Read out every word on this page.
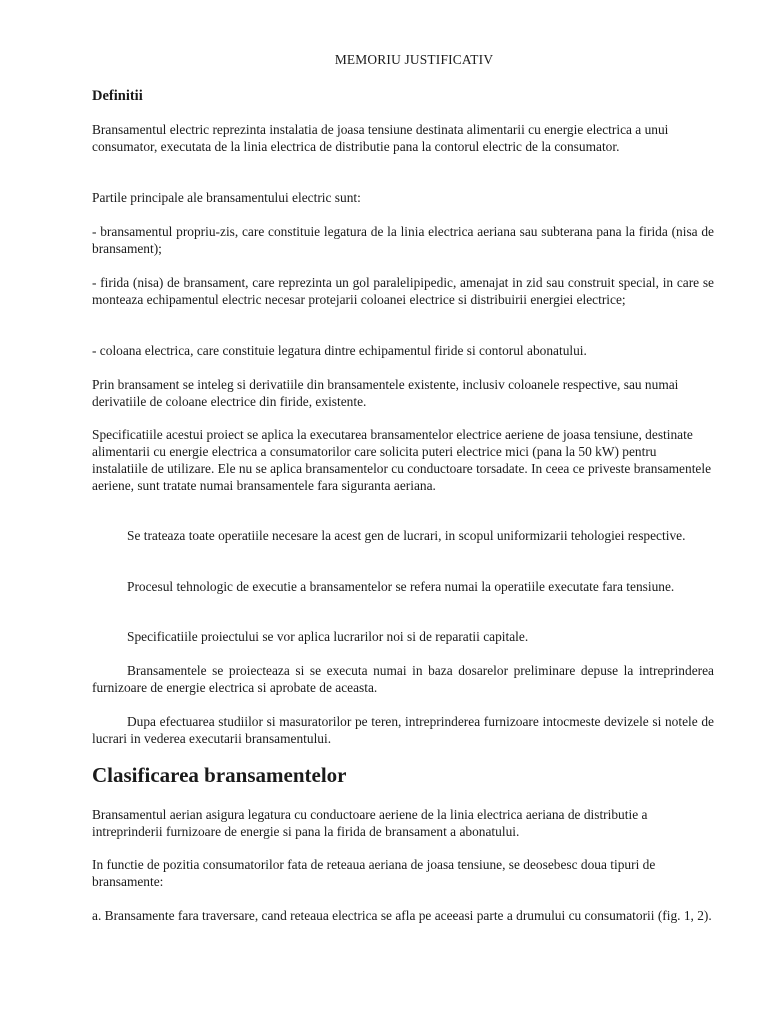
MEMORIU JUSTIFICATIV
Definitii

Bransamentul electric reprezinta instalatia de joasa tensiune destinata alimentarii cu energie electrica a unui consumator, executata de la linia electrica de distributie pana la contorul electric de la consumator.

Partile principale ale bransamentului electric sunt:

- bransamentul propriu-zis, care constituie legatura de la linia electrica aeriana sau subterana pana la firida (nisa de bransament);

- firida (nisa) de bransament, care reprezinta un gol paralelipipedic, amenajat in zid sau construit special, in care se monteaza echipamentul electric necesar protejarii coloanei electrice si distribuirii energiei electrice;

- coloana electrica, care constituie legatura dintre echipamentul firide si contorul abonatului.

Prin bransament se inteleg si derivatiile din bransamentele existente, inclusiv coloanele respective, sau numai derivatiile de coloane electrice din firide, existente.

Specificatiile acestui proiect se aplica la executarea bransamentelor electrice aeriene de joasa tensiune, destinate alimentarii cu energie electrica a consumatorilor care solicita puteri electrice mici (pana la 50 kW) pentru instalatiile de utilizare. Ele nu se aplica bransamentelor cu conductoare torsadate. In ceea ce priveste bransamentele aeriene, sunt tratate numai bransamentele fara siguranta aeriana.

Se trateaza toate operatiile necesare la acest gen de lucrari, in scopul uniformizarii tehologiei respective.

Procesul tehnologic de executie a bransamentelor se refera numai la operatiile executate fara tensiune.

Specificatiile proiectului se vor aplica lucrarilor noi si de reparatii capitale.

Bransamentele se proiecteaza si se executa numai in baza dosarelor preliminare depuse la intreprinderea furnizoare de energie electrica si aprobate de aceasta.

Dupa efectuarea studiilor si masuratorilor pe teren, intreprinderea furnizoare intocmeste devizele si notele de lucrari in vederea executarii bransamentului.

Clasificarea bransamentelor

Bransamentul aerian asigura legatura cu conductoare aeriene de la linia electrica aeriana de distributie a intreprinderii furnizoare de energie si pana la firida de bransament a abonatului.

In functie de pozitia consumatorilor fata de reteaua aeriana de joasa tensiune, se deosebesc doua tipuri de bransamente:

a. Bransamente fara traversare, cand reteaua electrica se afla pe aceeasi parte a drumului cu consumatorii (fig. 1, 2).
